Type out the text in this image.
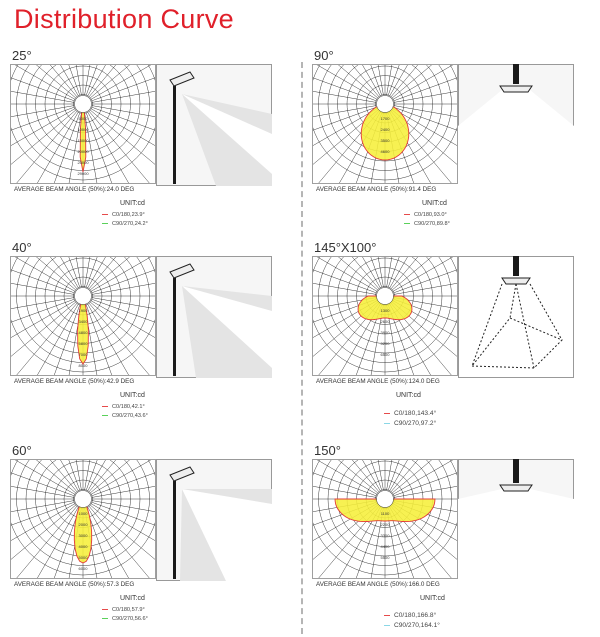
Distribution Curve
25°
6000
10000
15000
20000
25000
29000
AVERAGE BEAM ANGLE (50%):24.0 DEG
UNIT:cd
C0/180,23.9°
C90/270,24.2°
40°
1900
3400
4800
5800
7000
8000
AVERAGE BEAM ANGLE (50%):42.9 DEG
UNIT:cd
C0/180,42.1°
C90/270,43.6°
60°
1000
2000
3000
4000
5000
6000
AVERAGE BEAM ANGLE (50%):57.3 DEG
UNIT:cd
C0/180,57.9°
C90/270,56.6°
90°
1700
2400
3500
4600
AVERAGE BEAM ANGLE (50%):91.4 DEG
UNIT:cd
C0/180,93.0°
C90/270,89.8°
145°X100°
1300
2600
3900
5200
6500
AVERAGE BEAM ANGLE (50%):124.0 DEG
UNIT:cd
C0/180,143.4°
C90/270,97.2°
150°
1100
2200
3300
4400
5500
AVERAGE BEAM ANGLE (50%):166.0 DEG
UNIT:cd
C0/180,166.8°
C90/270,164.1°
